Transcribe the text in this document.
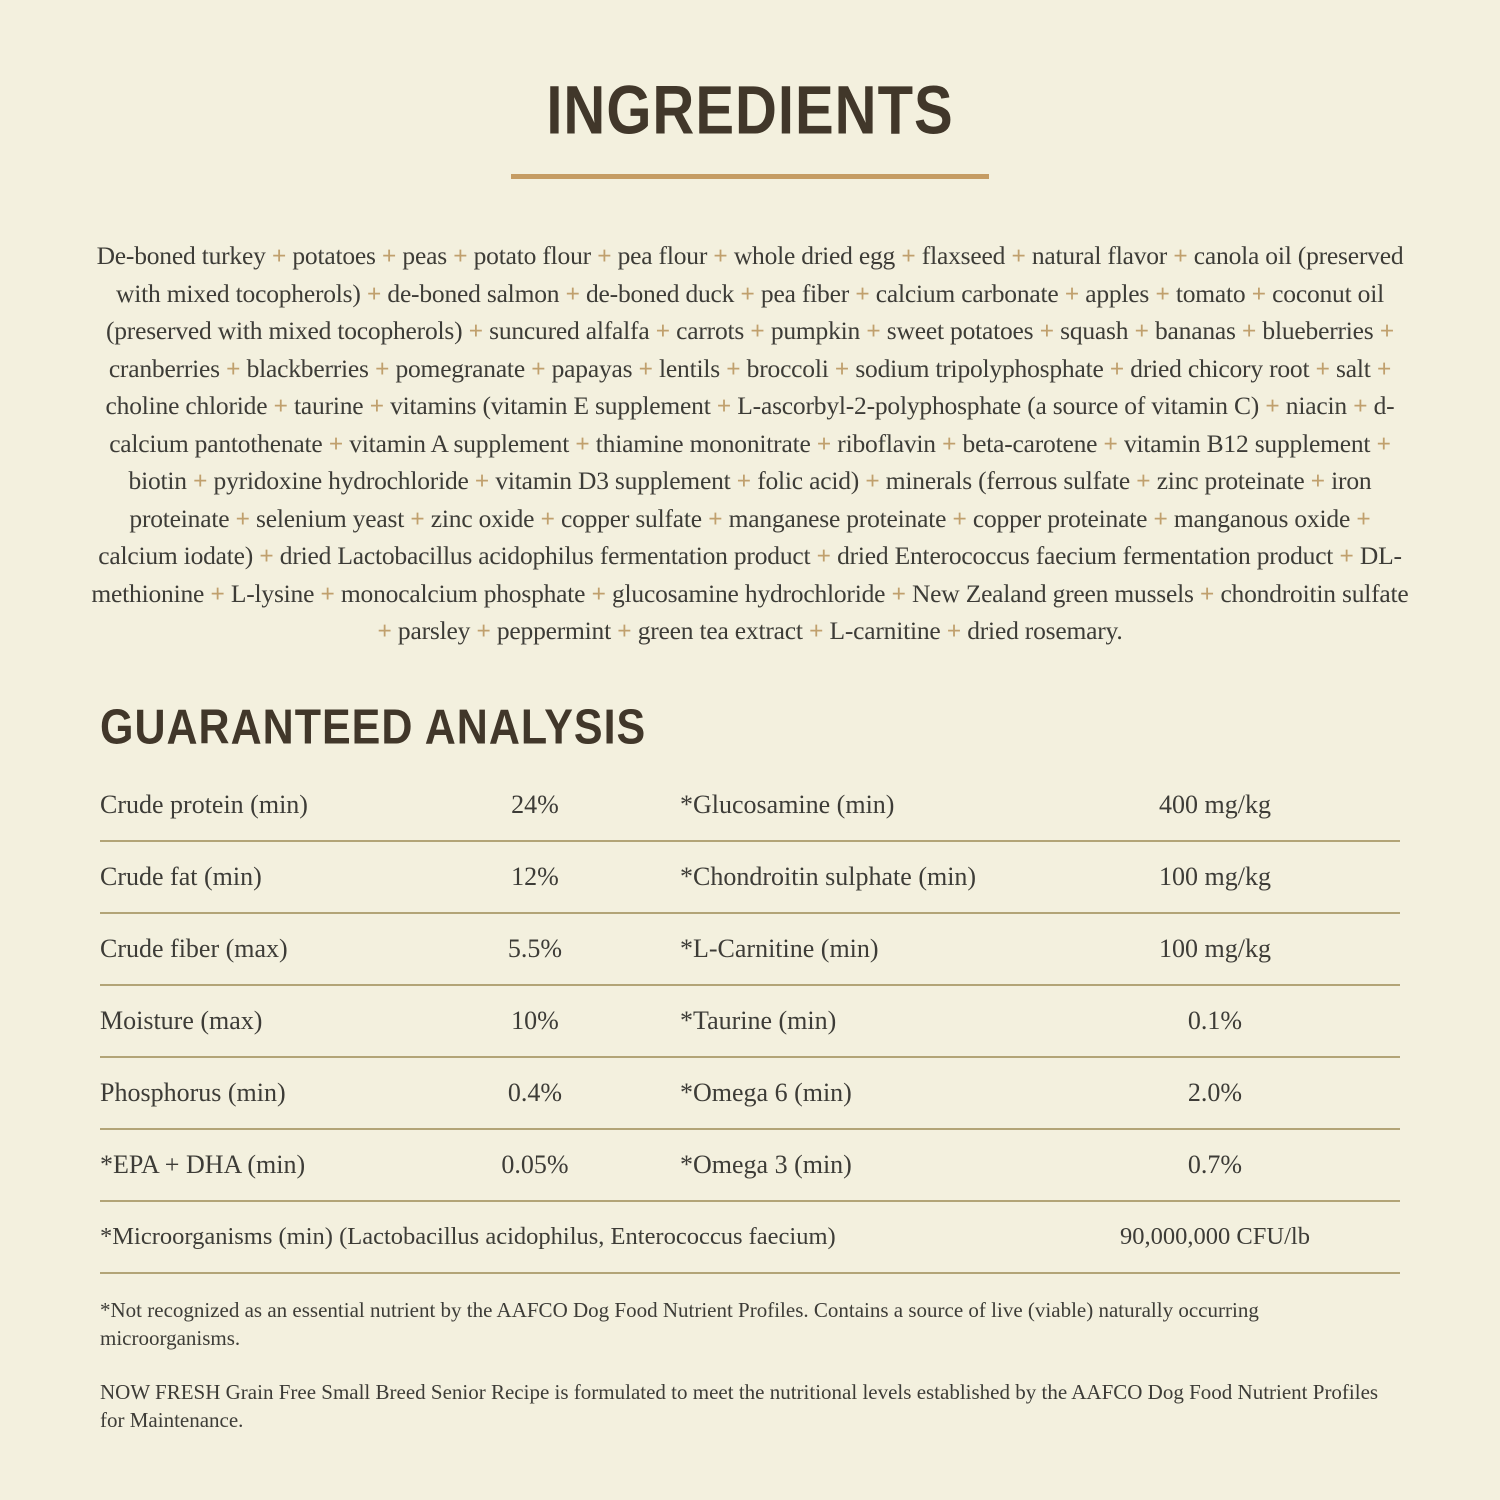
INGREDIENTS

De-boned turkey + potatoes + peas + potato flour + pea flour + whole dried egg + flaxseed + natural flavor + canola oil (preserved with mixed tocopherols) + de-boned salmon + de-boned duck + pea fiber + calcium carbonate + apples + tomato + coconut oil (preserved with mixed tocopherols) + suncured alfalfa + carrots + pumpkin + sweet potatoes + squash + bananas + blueberries + cranberries + blackberries + pomegranate + papayas + lentils + broccoli + sodium tripolyphosphate + dried chicory root + salt + choline chloride + taurine + vitamins (vitamin E supplement + L-ascorbyl-2-polyphosphate (a source of vitamin C) + niacin + d-calcium pantothenate + vitamin A supplement + thiamine mononitrate + riboflavin + beta-carotene + vitamin B12 supplement + biotin + pyridoxine hydrochloride + vitamin D3 supplement + folic acid) + minerals (ferrous sulfate + zinc proteinate + iron proteinate + selenium yeast + zinc oxide + copper sulfate + manganese proteinate + copper proteinate + manganous oxide + calcium iodate) + dried Lactobacillus acidophilus fermentation product + dried Enterococcus faecium fermentation product + DL-methionine + L-lysine + monocalcium phosphate + glucosamine hydrochloride + New Zealand green mussels + chondroitin sulfate + parsley + peppermint + green tea extract + L-carnitine + dried rosemary.

GUARANTEED ANALYSIS
Crude protein (min)	24%	*Glucosamine (min)	400 mg/kg
Crude fat (min)	12%	*Chondroitin sulphate (min)	100 mg/kg
Crude fiber (max)	5.5%	*L-Carnitine (min)	100 mg/kg
Moisture (max)	10%	*Taurine (min)	0.1%
Phosphorus (min)	0.4%	*Omega 6 (min)	2.0%
*EPA + DHA (min)	0.05%	*Omega 3 (min)	0.7%
*Microorganisms (min) (Lactobacillus acidophilus, Enterococcus faecium)	90,000,000 CFU/lb

*Not recognized as an essential nutrient by the AAFCO Dog Food Nutrient Profiles. Contains a source of live (viable) naturally occurring microorganisms.

NOW FRESH Grain Free Small Breed Senior Recipe is formulated to meet the nutritional levels established by the AAFCO Dog Food Nutrient Profiles for Maintenance.
